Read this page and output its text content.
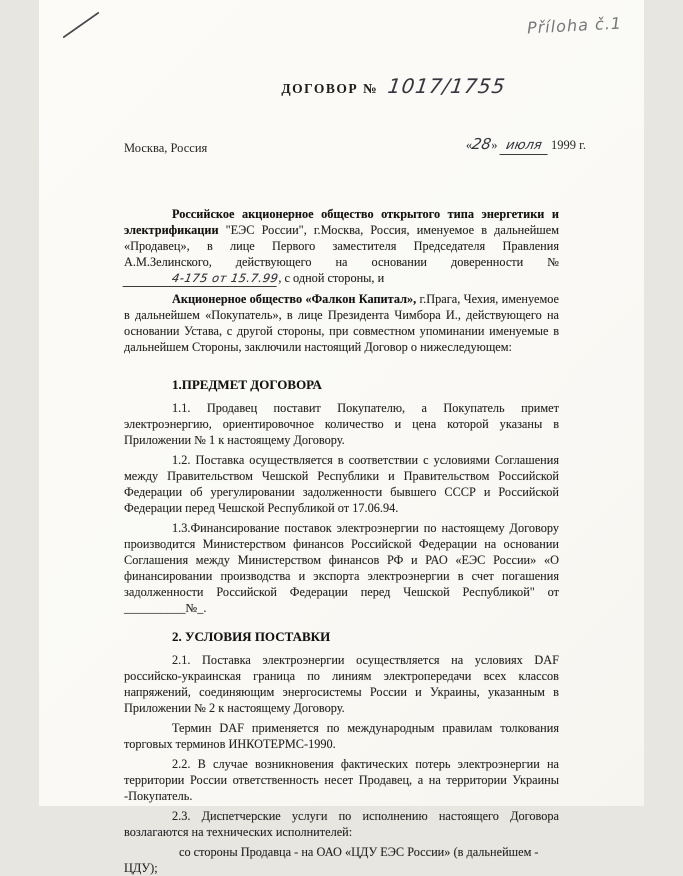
Příloha č.1
ДОГОВОР № 1017/1755
Москва, Россия	«28» июля 1999 г.

Российское акционерное общество открытого типа энергетики и электрификации "ЕЭС России", г.Москва, Россия, именуемое в дальнейшем «Продавец», в лице Первого заместителя Председателя Правления А.М.Зелинского, действующего на основании доверенности №4-175 от 15.7.99, с одной стороны, и

Акционерное общество «Фалкон Капитал», г.Прага, Чехия, именуемое в дальнейшем «Покупатель», в лице Президента Чимбора И., действующего на основании Устава, с другой стороны, при совместном упоминании именуемые в дальнейшем Стороны, заключили настоящий Договор о нижеследующем:

1.ПРЕДМЕТ ДОГОВОРА

1.1. Продавец поставит Покупателю, а Покупатель примет электроэнергию, ориентировочное количество и цена которой указаны в Приложении № 1 к настоящему Договору.

1.2. Поставка осуществляется в соответствии с условиями Соглашения между Правительством Чешской Республики и Правительством Российской Федерации об урегулировании задолженности бывшего СССР и Российской Федерации перед Чешской Республикой от 17.06.94.

1.3.Финансирование поставок электроэнергии по настоящему Договору производится Министерством финансов Российской Федерации на основании Соглашения между Министерством финансов РФ и РАО «ЕЭС России» «О финансировании производства и экспорта электроэнергии в счет погашения задолженности Российской Федерации перед Чешской Республикой" от __________№_.

2. УСЛОВИЯ ПОСТАВКИ

2.1. Поставка электроэнергии осуществляется на условиях DAF российско-украинская граница по линиям электропередачи всех классов напряжений, соединяющим энергосистемы России и Украины, указанным в Приложении № 2 к настоящему Договору.

Термин DAF применяется по международным правилам толкования торговых терминов ИНКОТЕРМС-1990.

2.2. В случае возникновения фактических потерь электроэнергии на территории России ответственность несет Продавец, а на территории Украины -Покупатель.

2.3. Диспетчерские услуги по исполнению настоящего Договора возлагаются на технических исполнителей:

со стороны Продавца - на ОАО «ЦДУ ЕЭС России» (в дальнейшем - ЦДУ);
